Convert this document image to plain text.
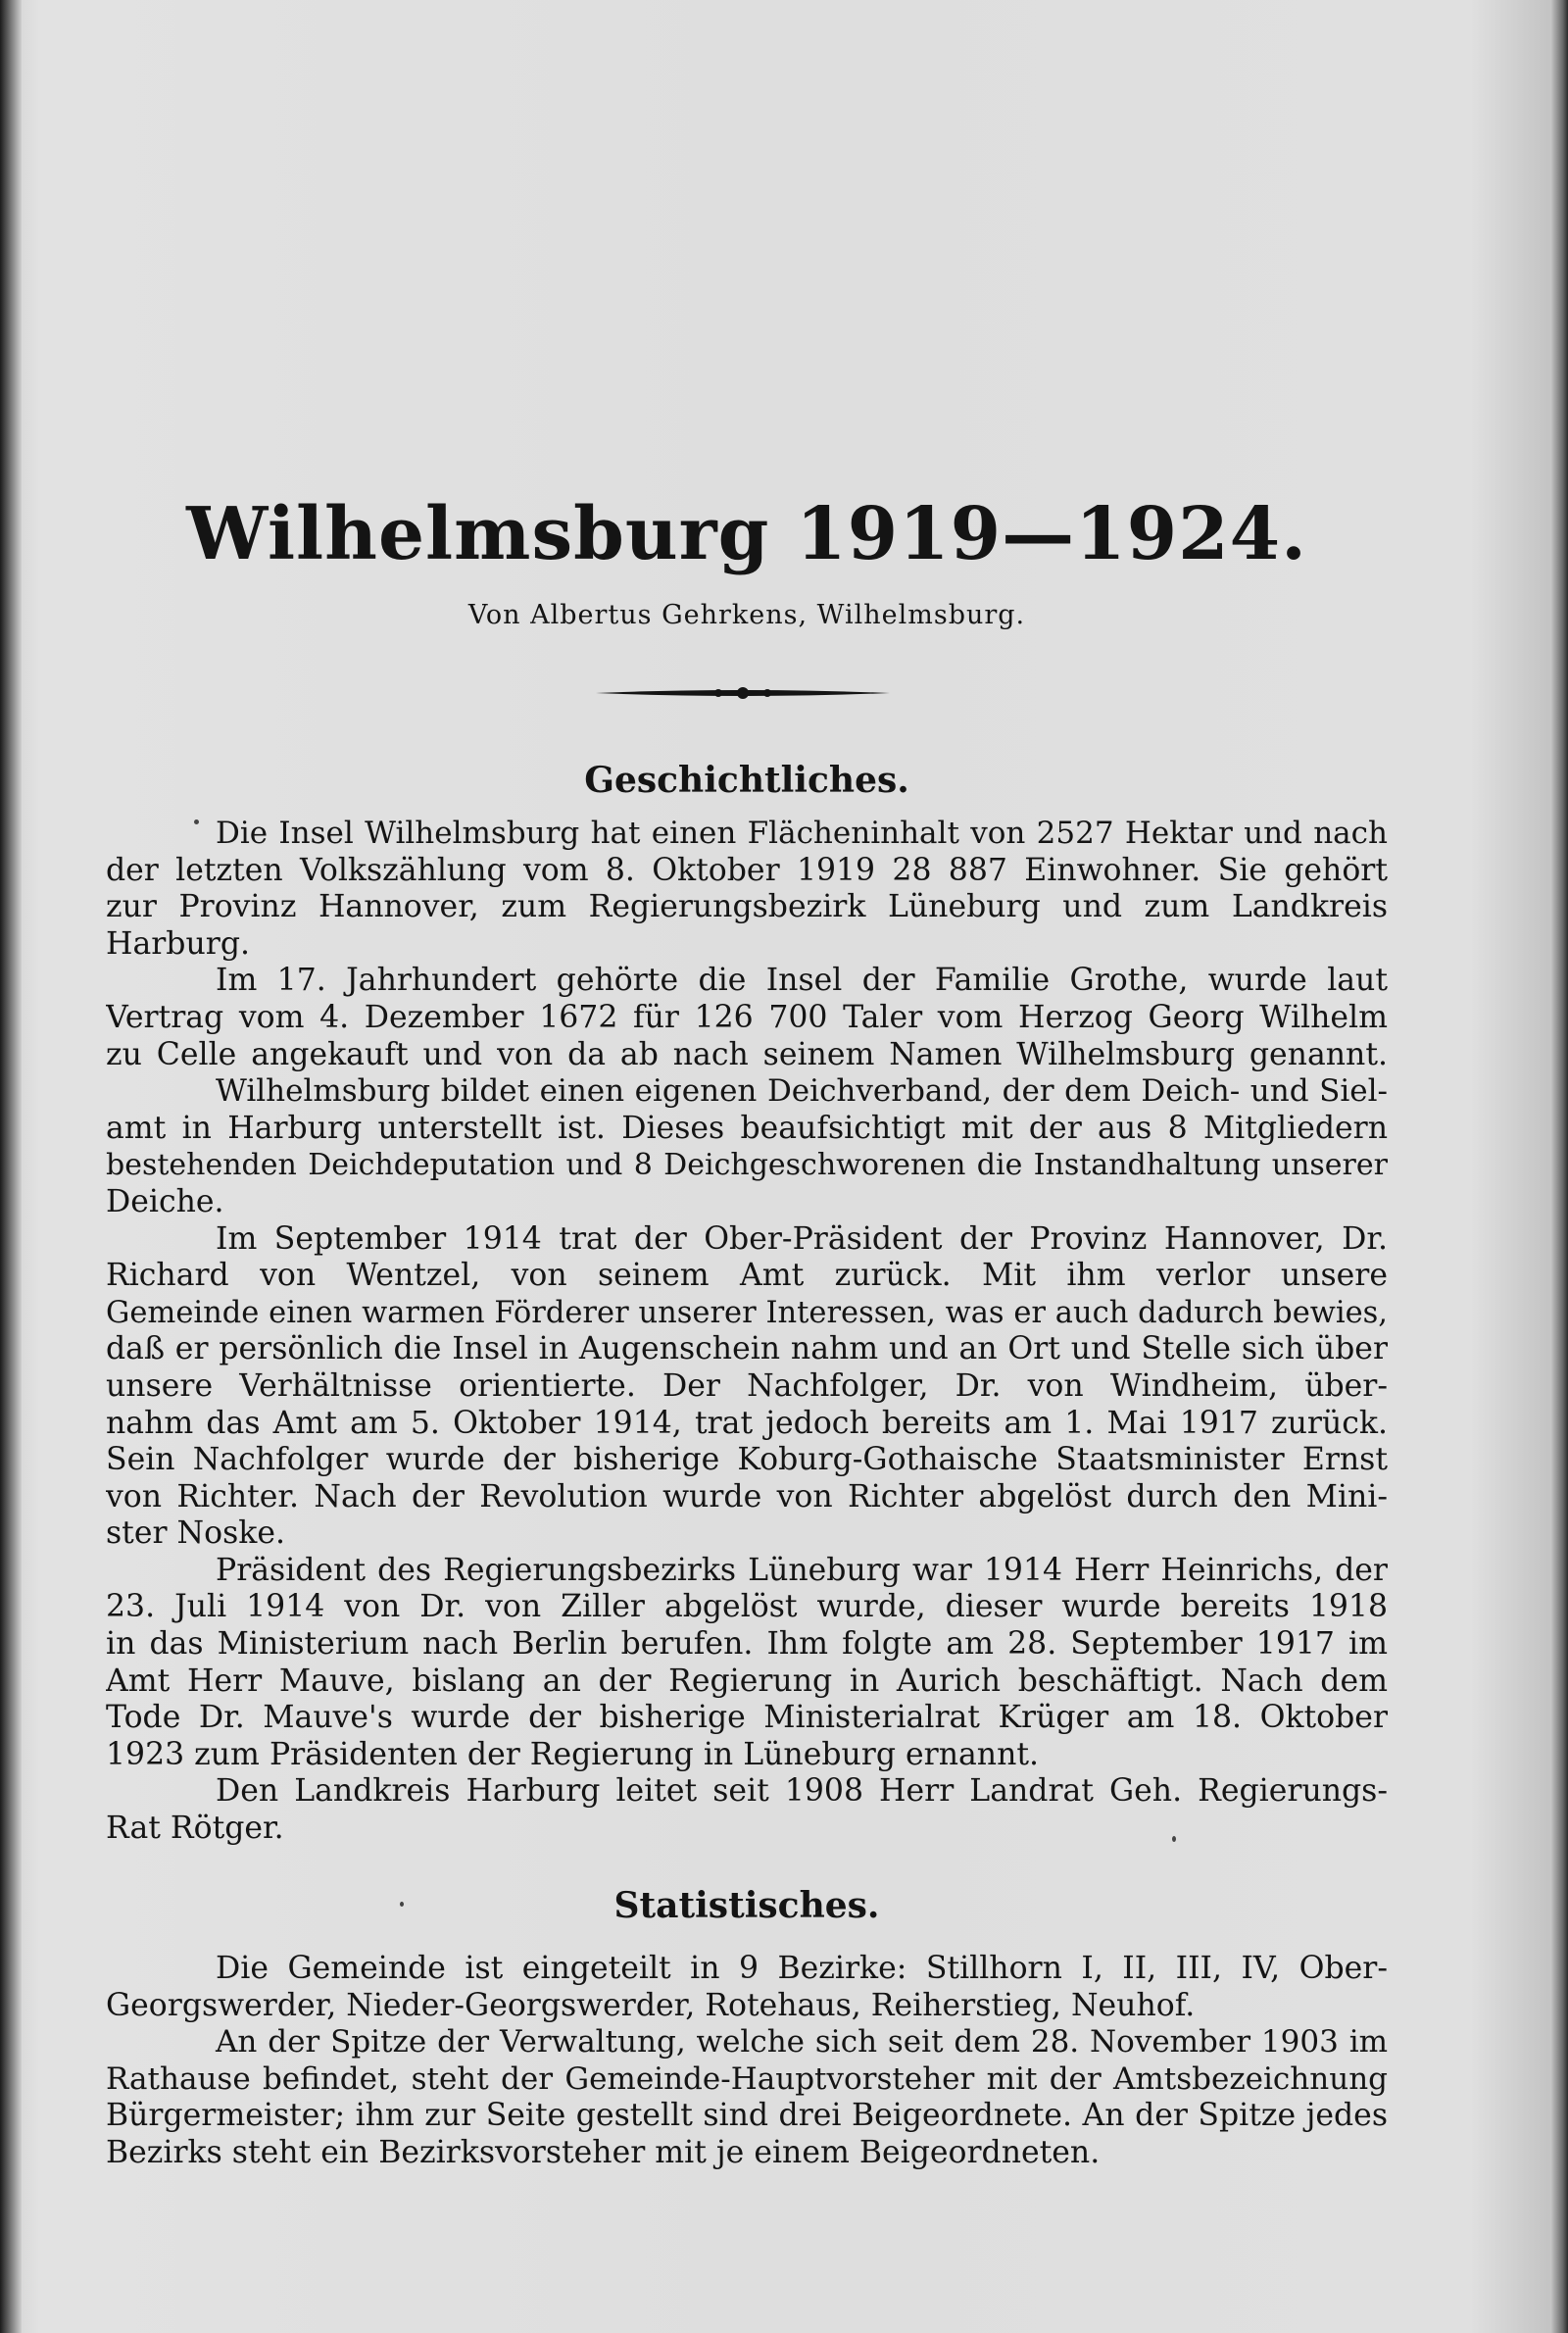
Wilhelmsburg 1919—1924.
Von Albertus Gehrkens, Wilhelmsburg.
Geschichtliches.
Die Insel Wilhelmsburg hat einen Flächeninhalt von 2527 Hektar und nach
der letzten Volkszählung vom 8. Oktober 1919 28 887 Einwohner. Sie gehört
zur Provinz Hannover, zum Regierungsbezirk Lüneburg und zum Landkreis
Harburg.
Im 17. Jahrhundert gehörte die Insel der Familie Grothe, wurde laut
Vertrag vom 4. Dezember 1672 für 126 700 Taler vom Herzog Georg Wilhelm
zu Celle angekauft und von da ab nach seinem Namen Wilhelmsburg genannt.
Wilhelmsburg bildet einen eigenen Deichverband, der dem Deich- und Siel-
amt in Harburg unterstellt ist. Dieses beaufsichtigt mit der aus 8 Mitgliedern
bestehenden Deichdeputation und 8 Deichgeschworenen die Instandhaltung unserer
Deiche.
Im September 1914 trat der Ober-Präsident der Provinz Hannover, Dr.
Richard von Wentzel, von seinem Amt zurück. Mit ihm verlor unsere
Gemeinde einen warmen Förderer unserer Interessen, was er auch dadurch bewies,
daß er persönlich die Insel in Augenschein nahm und an Ort und Stelle sich über
unsere Verhältnisse orientierte. Der Nachfolger, Dr. von Windheim, über-
nahm das Amt am 5. Oktober 1914, trat jedoch bereits am 1. Mai 1917 zurück.
Sein Nachfolger wurde der bisherige Koburg-Gothaische Staatsminister Ernst
von Richter. Nach der Revolution wurde von Richter abgelöst durch den Mini-
ster Noske.
Präsident des Regierungsbezirks Lüneburg war 1914 Herr Heinrichs, der
23. Juli 1914 von Dr. von Ziller abgelöst wurde, dieser wurde bereits 1918
in das Ministerium nach Berlin berufen. Ihm folgte am 28. September 1917 im
Amt Herr Mauve, bislang an der Regierung in Aurich beschäftigt. Nach dem
Tode Dr. Mauve's wurde der bisherige Ministerialrat Krüger am 18. Oktober
1923 zum Präsidenten der Regierung in Lüneburg ernannt.
Den Landkreis Harburg leitet seit 1908 Herr Landrat Geh. Regierungs-
Rat Rötger.
Statistisches.
Die Gemeinde ist eingeteilt in 9 Bezirke: Stillhorn I, II, III, IV, Ober-
Georgswerder, Nieder-Georgswerder, Rotehaus, Reiherstieg, Neuhof.
An der Spitze der Verwaltung, welche sich seit dem 28. November 1903 im
Rathause befindet, steht der Gemeinde-Hauptvorsteher mit der Amtsbezeichnung
Bürgermeister; ihm zur Seite gestellt sind drei Beigeordnete. An der Spitze jedes
Bezirks steht ein Bezirksvorsteher mit je einem Beigeordneten.
